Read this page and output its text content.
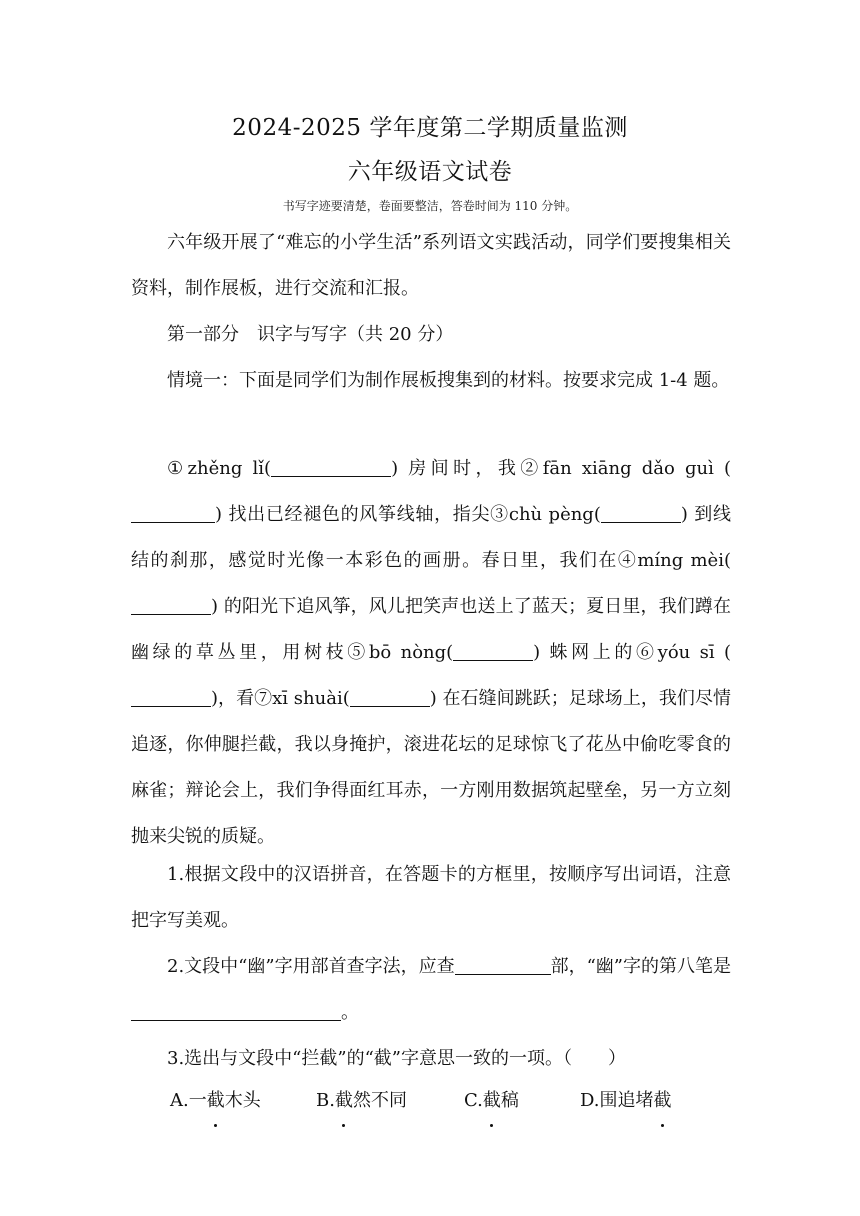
2024-2025 学年度第二学期质量监测
六年级语文试卷
书写字迹要清楚，卷面要整洁，答卷时间为 110 分钟。

六年级开展了“难忘的小学生活”系列语文实践活动，同学们要搜集相关资料，制作展板，进行交流和汇报。

第一部分　识字与写字（共 20 分）

情境一：下面是同学们为制作展板搜集到的材料。按要求完成 1-4 题。

①zhěng lǐ(	) 房间时，我②fān xiāng dǎo ɡuì () 找出已经褪色的风筝线轴，指尖③chù pèng(	) 到线结的刹那，感觉时光像一本彩色的画册。春日里，我们在④míng mèi() 的阳光下追风筝，风儿把笑声也送上了蓝天；夏日里，我们蹲在幽绿的草丛里，用树枝⑤bō nòng(	) 蛛网上的⑥yóu sī ()，看⑦xī shuài(	) 在石缝间跳跃；足球场上，我们尽情追逐，你伸腿拦截，我以身掩护，滚进花坛的足球惊飞了花丛中偷吃零食的麻雀；辩论会上，我们争得面红耳赤，一方刚用数据筑起壁垒，另一方立刻抛来尖锐的质疑。

1.根据文段中的汉语拼音，在答题卡的方框里，按顺序写出词语，注意把字写美观。

2.文段中“幽”字用部首查字法，应查	部，“幽”字的第八笔是。

3.选出与文段中“拦截”的“截”字意思一致的一项。（　　）

A.一截木头	B.截然不同	C.截稿	D.围追堵截
